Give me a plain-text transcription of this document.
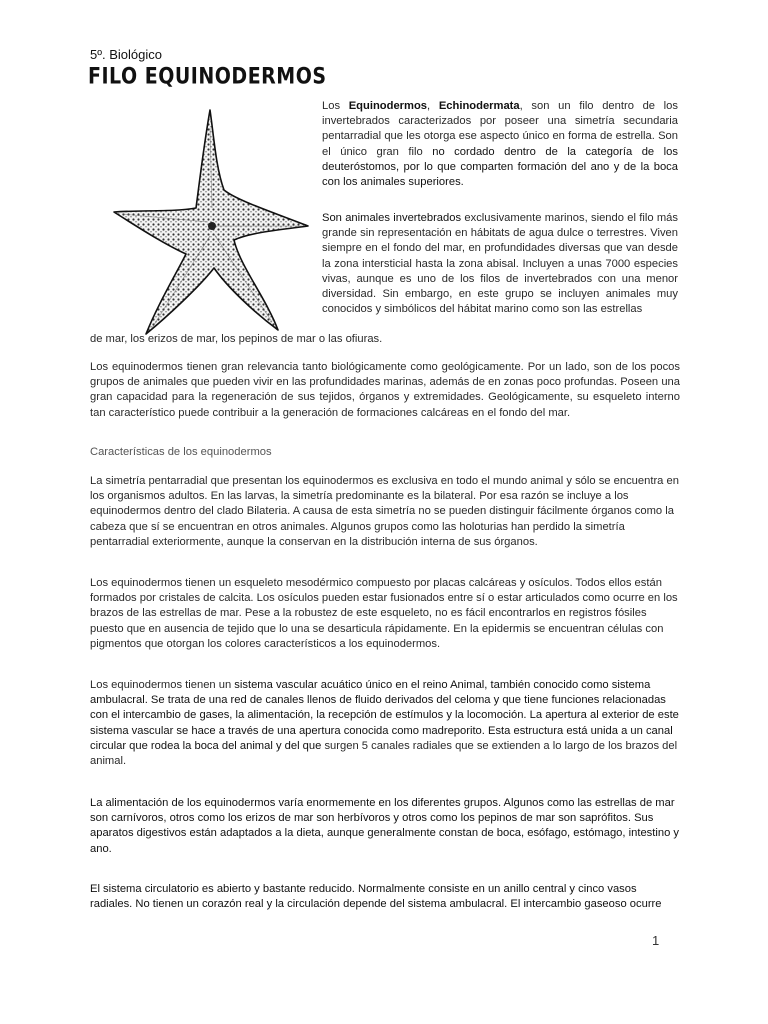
5º. Biológico
FILO EQUINODERMOS

Los Equinodermos, Echinodermata, son un filo dentro de los invertebrados caracterizados por poseer una simetría secundaria pentarradial que les otorga ese aspecto único en forma de estrella. Son el único gran filo no cordado dentro de la categoría de los deuteróstomos, por lo que comparten formación del ano y de la boca con los animales superiores.

Son animales invertebrados exclusivamente marinos, siendo el filo más grande sin representación en hábitats de agua dulce o terrestres. Viven siempre en el fondo del mar, en profundidades diversas que van desde la zona intersticial hasta la zona abisal. Incluyen a unas 7000 especies vivas, aunque es uno de los filos de invertebrados con una menor diversidad. Sin embargo, en este grupo se incluyen animales muy conocidos y simbólicos del hábitat marino como son las estrellas

de mar, los erizos de mar, los pepinos de mar o las ofiuras.

Los equinodermos tienen gran relevancia tanto biológicamente como geológicamente. Por un lado, son de los pocos grupos de animales que pueden vivir en las profundidades marinas, además de en zonas poco profundas. Poseen una gran capacidad para la regeneración de sus tejidos, órganos y extremidades. Geológicamente, su esqueleto interno tan característico puede contribuir a la generación de formaciones calcáreas en el fondo del mar.

Características de los equinodermos

La simetría pentarradial que presentan los equinodermos es exclusiva en todo el mundo animal y sólo se encuentra en los organismos adultos. En las larvas, la simetría predominante es la bilateral. Por esa razón se incluye a los equinodermos dentro del clado Bilateria. A causa de esta simetría no se pueden distinguir fácilmente órganos como la cabeza que sí se encuentran en otros animales. Algunos grupos como las holoturias han perdido la simetría pentarradial exteriormente, aunque la conservan en la distribución interna de sus órganos.

Los equinodermos tienen un esqueleto mesodérmico compuesto por placas calcáreas y osículos. Todos ellos están formados por cristales de calcita. Los osículos pueden estar fusionados entre sí o estar articulados como ocurre en los brazos de las estrellas de mar. Pese a la robustez de este esqueleto, no es fácil encontrarlos en registros fósiles puesto que en ausencia de tejido que lo una se desarticula rápidamente. En la epidermis se encuentran células con pigmentos que otorgan los colores característicos a los equinodermos.

Los equinodermos tienen un sistema vascular acuático único en el reino Animal, también conocido como sistema ambulacral. Se trata de una red de canales llenos de fluido derivados del celoma y que tiene funciones relacionadas con el intercambio de gases, la alimentación, la recepción de estímulos y la locomoción. La apertura al exterior de este sistema vascular se hace a través de una apertura conocida como madreporito. Esta estructura está unida a un canal circular que rodea la boca del animal y del que surgen 5 canales radiales que se extienden a lo largo de los brazos del animal.

La alimentación de los equinodermos varía enormemente en los diferentes grupos. Algunos como las estrellas de mar son carnívoros, otros como los erizos de mar son herbívoros y otros como los pepinos de mar son saprófitos. Sus aparatos digestivos están adaptados a la dieta, aunque generalmente constan de boca, esófago, estómago, intestino y ano.

El sistema circulatorio es abierto y bastante reducido. Normalmente consiste en un anillo central y cinco vasos radiales. No tienen un corazón real y la circulación depende del sistema ambulacral. El intercambio gaseoso ocurre

1
